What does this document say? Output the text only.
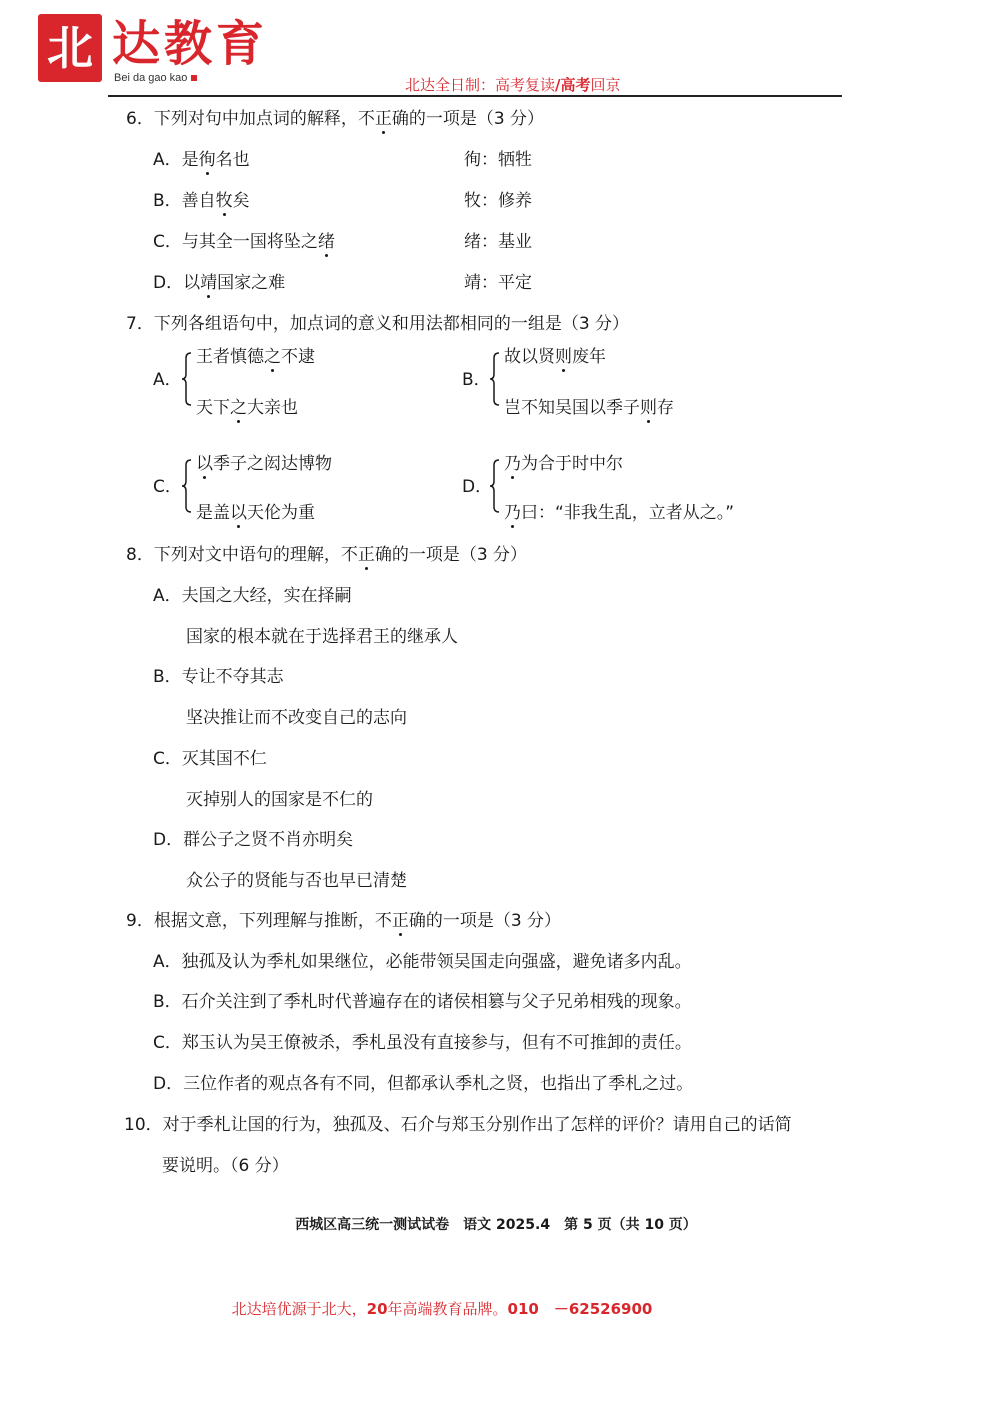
北 达教育
Bei da gao kao	北达全日制：高考复读/高考回京
6．下列对句中加点词的解释，不正确的一项是（3 分）
A．是徇名也	徇：牺牲
B．善自牧矣	牧：修养
C．与其全一国将坠之绪	绪：基业
D．以靖国家之难	靖：平定
7．下列各组语句中，加点词的意义和用法都相同的一组是（3 分）
A．
王者慎德之不逮
天下之大亲也
B．
故以贤则废年
岂不知吴国以季子则存
C．
以季子之闳达博物
是盖以天伦为重
D．
乃为合于时中尔
乃曰：“非我生乱，立者从之。”
8．下列对文中语句的理解，不正确的一项是（3 分）
A．夫国之大经，实在择嗣
国家的根本就在于选择君王的继承人
B．专让不夺其志
坚决推让而不改变自己的志向
C．灭其国不仁
灭掉别人的国家是不仁的
D．群公子之贤不肖亦明矣
众公子的贤能与否也早已清楚
9．根据文意，下列理解与推断，不正确的一项是（3 分）
A．独孤及认为季札如果继位，必能带领吴国走向强盛，避免诸多内乱。
B．石介关注到了季札时代普遍存在的诸侯相篡与父子兄弟相残的现象。
C．郑玉认为吴王僚被杀，季札虽没有直接参与，但有不可推卸的责任。
D．三位作者的观点各有不同，但都承认季札之贤，也指出了季札之过。
10．对于季札让国的行为，独孤及、石介与郑玉分别作出了怎样的评价？请用自己的话简
要说明。（6 分）
西城区高三统一测试试卷　语文 2025.4　第 5 页（共 10 页）
北达培优源于北大，20年高端教育品牌。010　－62526900
